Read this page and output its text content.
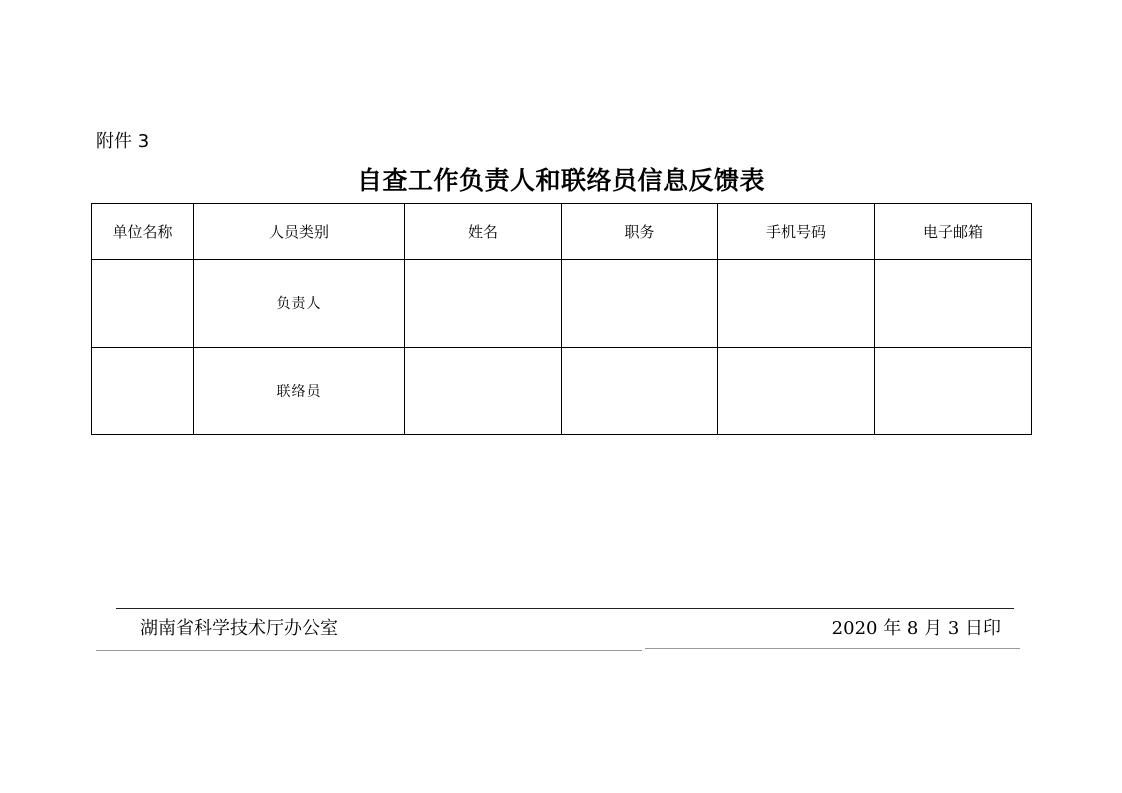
附件 3
自查工作负责人和联络员信息反馈表
单位名称	人员类别	姓名	职务	手机号码	电子邮箱
	负责人				
	联络员				
湖南省科学技术厅办公室	2020 年 8 月 3 日印
